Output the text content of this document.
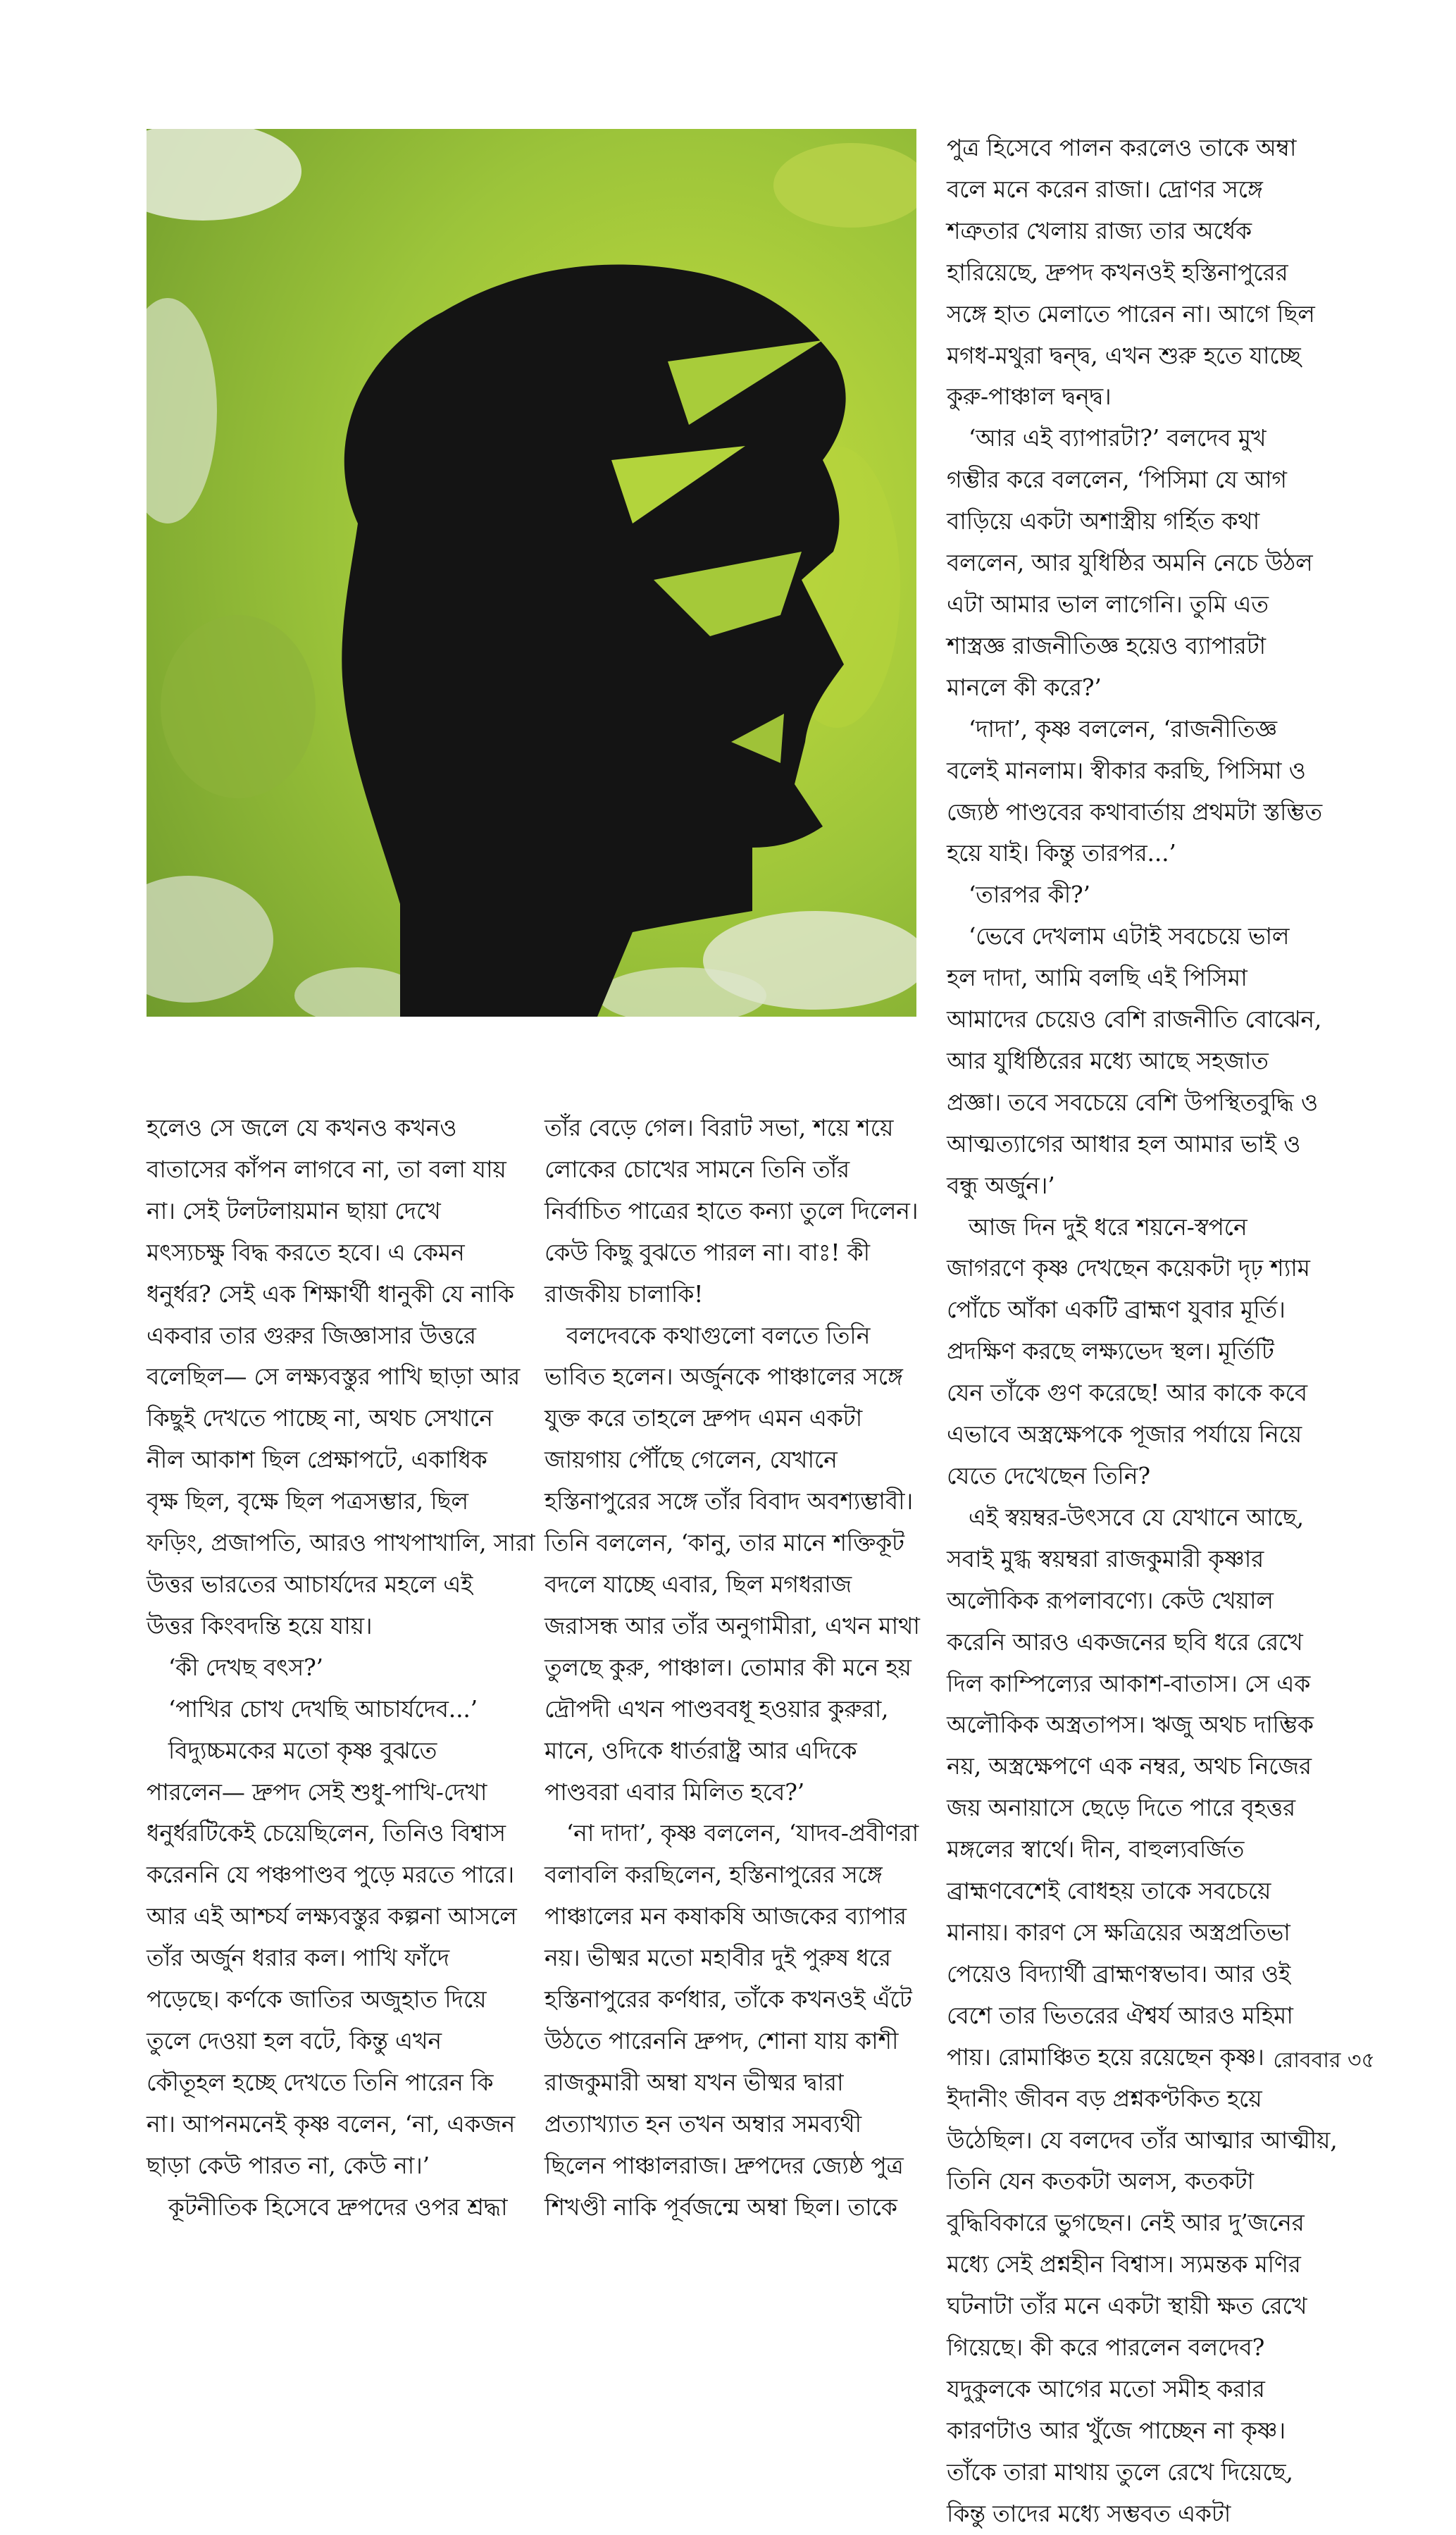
পুত্র হিসেবে পালন করলেও তাকে অম্বা
বলে মনে করেন রাজা। দ্রোণর সঙ্গে
শত্রুতার খেলায় রাজ্য তার অর্ধেক
হারিয়েছে, দ্রুপদ কখনওই হস্তিনাপুরের
সঙ্গে হাত মেলাতে পারেন না। আগে ছিল
মগধ-মথুরা দ্বন্দ্ব, এখন শুরু হতে যাচ্ছে
কুরু-পাঞ্চাল দ্বন্দ্ব।
‘আর এই ব্যাপারটা?’ বলদেব মুখ
গম্ভীর করে বললেন, ‘পিসিমা যে আগ
বাড়িয়ে একটা অশাস্ত্রীয় গর্হিত কথা
বললেন, আর যুধিষ্ঠির অমনি নেচে উঠল
এটা আমার ভাল লাগেনি। তুমি এত
শাস্ত্রজ্ঞ রাজনীতিজ্ঞ হয়েও ব্যাপারটা
মানলে কী করে?’
‘দাদা’, কৃষ্ণ বললেন, ‘রাজনীতিজ্ঞ
বলেই মানলাম। স্বীকার করছি, পিসিমা ও
জ্যেষ্ঠ পাণ্ডবের কথাবার্তায় প্রথমটা স্তম্ভিত
হয়ে যাই। কিন্তু তারপর...’
‘তারপর কী?’
‘ভেবে দেখলাম এটাই সবচেয়ে ভাল
হল দাদা, আমি বলছি এই পিসিমা
আমাদের চেয়েও বেশি রাজনীতি বোঝেন,
আর যুধিষ্ঠিরের মধ্যে আছে সহজাত
প্রজ্ঞা। তবে সবচেয়ে বেশি উপস্থিতবুদ্ধি ও
আত্মত্যাগের আধার হল আমার ভাই ও
বন্ধু অর্জুন।’
আজ দিন দুই ধরে শয়নে-স্বপনে
জাগরণে কৃষ্ণ দেখছেন কয়েকটা দৃঢ় শ্যাম
পোঁচে আঁকা একটি ব্রাহ্মণ যুবার মূর্তি।
প্রদক্ষিণ করছে লক্ষ্যভেদ স্থল। মূর্তিটি
যেন তাঁকে গুণ করেছে! আর কাকে কবে
এভাবে অস্ত্রক্ষেপকে পূজার পর্যায়ে নিয়ে
যেতে দেখেছেন তিনি?
এই স্বয়ম্বর-উৎসবে যে যেখানে আছে,
সবাই মুগ্ধ স্বয়ম্বরা রাজকুমারী কৃষ্ণার
অলৌকিক রূপলাবণ্যে। কেউ খেয়াল
করেনি আরও একজনের ছবি ধরে রেখে
দিল কাম্পিল্যের আকাশ-বাতাস। সে এক
অলৌকিক অস্ত্রতাপস। ঋজু অথচ দাম্ভিক
নয়, অস্ত্রক্ষেপণে এক নম্বর, অথচ নিজের
জয় অনায়াসে ছেড়ে দিতে পারে বৃহত্তর
মঙ্গলের স্বার্থে। দীন, বাহুল্যবর্জিত
ব্রাহ্মণবেশেই বোধহয় তাকে সবচেয়ে
মানায়। কারণ সে ক্ষত্রিয়ের অস্ত্রপ্রতিভা
পেয়েও বিদ্যার্থী ব্রাহ্মণস্বভাব। আর ওই
বেশে তার ভিতরের ঐশ্বর্য আরও মহিমা
পায়। রোমাঞ্চিত হয়ে রয়েছেন কৃষ্ণ।
ইদানীং জীবন বড় প্রশ্নকণ্টকিত হয়ে
উঠেছিল। যে বলদেব তাঁর আত্মার আত্মীয়,
তিনি যেন কতকটা অলস, কতকটা
বুদ্ধিবিকারে ভুগছেন। নেই আর দু’জনের
মধ্যে সেই প্রশ্নহীন বিশ্বাস। স্যমন্তক মণির
ঘটনাটা তাঁর মনে একটা স্থায়ী ক্ষত রেখে
গিয়েছে। কী করে পারলেন বলদেব?
যদুকুলকে আগের মতো সমীহ করার
কারণটাও আর খুঁজে পাচ্ছেন না কৃষ্ণ।
তাঁকে তারা মাথায় তুলে রেখে দিয়েছে,
কিন্তু তাদের মধ্যে সম্ভবত একটা
হলেও সে জলে যে কখনও কখনও
বাতাসের কাঁপন লাগবে না, তা বলা যায়
না। সেই টলটলায়মান ছায়া দেখে
মৎস্যচক্ষু বিদ্ধ করতে হবে। এ কেমন
ধনুর্ধর? সেই এক শিক্ষার্থী ধানুকী যে নাকি
একবার তার গুরুর জিজ্ঞাসার উত্তরে
বলেছিল— সে লক্ষ্যবস্তুর পাখি ছাড়া আর
কিছুই দেখতে পাচ্ছে না, অথচ সেখানে
নীল আকাশ ছিল প্রেক্ষাপটে, একাধিক
বৃক্ষ ছিল, বৃক্ষে ছিল পত্রসম্ভার, ছিল
ফড়িং, প্রজাপতি, আরও পাখপাখালি, সারা
উত্তর ভারতের আচার্যদের মহলে এই
উত্তর কিংবদন্তি হয়ে যায়।
‘কী দেখছ বৎস?’
‘পাখির চোখ দেখছি আচার্যদেব...’
বিদ্যুচ্চমকের মতো কৃষ্ণ বুঝতে
পারলেন— দ্রুপদ সেই শুধু-পাখি-দেখা
ধনুর্ধরটিকেই চেয়েছিলেন, তিনিও বিশ্বাস
করেননি যে পঞ্চপাণ্ডব পুড়ে মরতে পারে।
আর এই আশ্চর্য লক্ষ্যবস্তুর কল্পনা আসলে
তাঁর অর্জুন ধরার কল। পাখি ফাঁদে
পড়েছে। কর্ণকে জাতির অজুহাত দিয়ে
তুলে দেওয়া হল বটে, কিন্তু এখন
কৌতূহল হচ্ছে দেখতে তিনি পারেন কি
না। আপনমনেই কৃষ্ণ বলেন, ‘না, একজন
ছাড়া কেউ পারত না, কেউ না।’
কূটনীতিক হিসেবে দ্রুপদের ওপর শ্রদ্ধা
তাঁর বেড়ে গেল। বিরাট সভা, শয়ে শয়ে
লোকের চোখের সামনে তিনি তাঁর
নির্বাচিত পাত্রের হাতে কন্যা তুলে দিলেন।
কেউ কিছু বুঝতে পারল না। বাঃ! কী
রাজকীয় চালাকি!
বলদেবকে কথাগুলো বলতে তিনি
ভাবিত হলেন। অর্জুনকে পাঞ্চালের সঙ্গে
যুক্ত করে তাহলে দ্রুপদ এমন একটা
জায়গায় পৌঁছে গেলেন, যেখানে
হস্তিনাপুরের সঙ্গে তাঁর বিবাদ অবশ্যম্ভাবী।
তিনি বললেন, ‘কানু, তার মানে শক্তিকূট
বদলে যাচ্ছে এবার, ছিল মগধরাজ
জরাসন্ধ আর তাঁর অনুগামীরা, এখন মাথা
তুলছে কুরু, পাঞ্চাল। তোমার কী মনে হয়
দ্রৌপদী এখন পাণ্ডববধূ হওয়ার কুরুরা,
মানে, ওদিকে ধার্তরাষ্ট্র আর এদিকে
পাণ্ডবরা এবার মিলিত হবে?’
‘না দাদা’, কৃষ্ণ বললেন, ‘যাদব-প্রবীণরা
বলাবলি করছিলেন, হস্তিনাপুরের সঙ্গে
পাঞ্চালের মন কষাকষি আজকের ব্যাপার
নয়। ভীষ্মর মতো মহাবীর দুই পুরুষ ধরে
হস্তিনাপুরের কর্ণধার, তাঁকে কখনওই এঁটে
উঠতে পারেননি দ্রুপদ, শোনা যায় কাশী
রাজকুমারী অম্বা যখন ভীষ্মর দ্বারা
প্রত্যাখ্যাত হন তখন অম্বার সমব্যথী
ছিলেন পাঞ্চালরাজ। দ্রুপদের জ্যেষ্ঠ পুত্র
শিখণ্ডী নাকি পূর্বজন্মে অম্বা ছিল। তাকে
রোববার ৩৫
